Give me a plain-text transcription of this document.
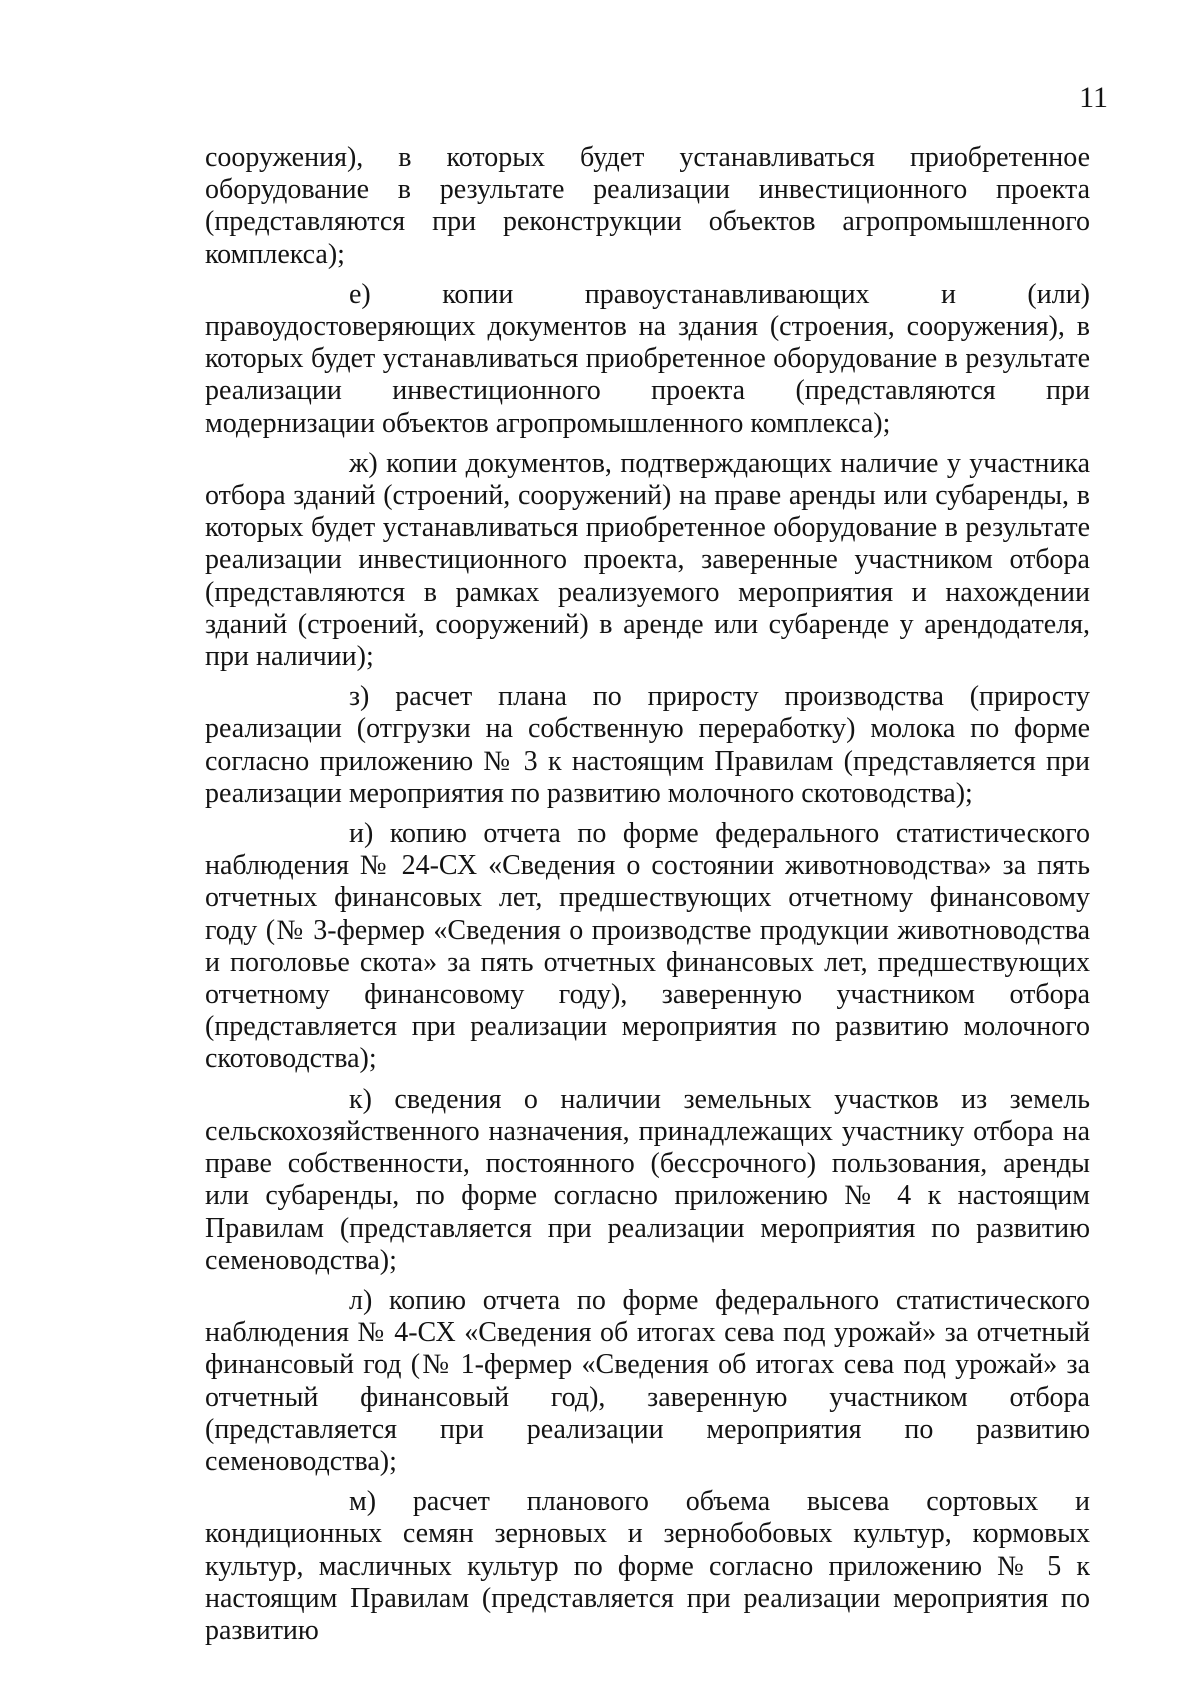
11

сооружения), в которых будет устанавливаться приобретенное оборудование в результате реализации инвестиционного проекта (представляются при реконструкции объектов агропромышленного комплекса);

е)	копии правоустанавливающих и (или) правоудостоверяющих документов на здания (строения, сооружения), в которых будет устанавливаться приобретенное оборудование в результате реализации инвестиционного проекта (представляются при модернизации объектов агропромышленного комплекса);

ж) копии документов, подтверждающих наличие у участника отбора зданий (строений, сооружений) на праве аренды или субаренды, в которых будет устанавливаться приобретенное оборудование в результате реализации инвестиционного проекта, заверенные участником отбора (представляются в рамках реализуемого мероприятия и нахождении зданий (строений, сооружений) в аренде или субаренде у арендодателя, при наличии);

з) расчет плана по приросту производства (приросту реализации (отгрузки на собственную переработку) молока по форме согласно приложению № 3 к настоящим Правилам (представляется при реализации мероприятия по развитию молочного скотоводства);

и) копию отчета по форме федерального статистического наблюдения № 24-СХ «Сведения о состоянии животноводства» за пять отчетных финансовых лет, предшествующих отчетному финансовому году (№ 3-фермер «Сведения о производстве продукции животноводства и поголовье скота» за пять отчетных финансовых лет, предшествующих отчетному финансовому году), заверенную участником отбора (представляется при реализации мероприятия по развитию молочного скотоводства);

к) сведения о наличии земельных участков из земель сельскохозяйственного назначения, принадлежащих участнику отбора на праве собственности, постоянного (бессрочного) пользования, аренды или субаренды, по форме согласно приложению № 4 к настоящим Правилам (представляется при реализации мероприятия по развитию семеноводства);

л) копию отчета по форме федерального статистического наблюдения № 4-СХ «Сведения об итогах сева под урожай» за отчетный финансовый год (№ 1-фермер «Сведения об итогах сева под урожай» за отчетный финансовый год), заверенную участником отбора (представляется при реализации мероприятия по развитию семеноводства);

м) расчет планового объема высева сортовых и кондиционных семян зерновых и зернобобовых культур, кормовых культур, масличных культур по форме согласно приложению № 5 к настоящим Правилам (представляется при реализации мероприятия по развитию
